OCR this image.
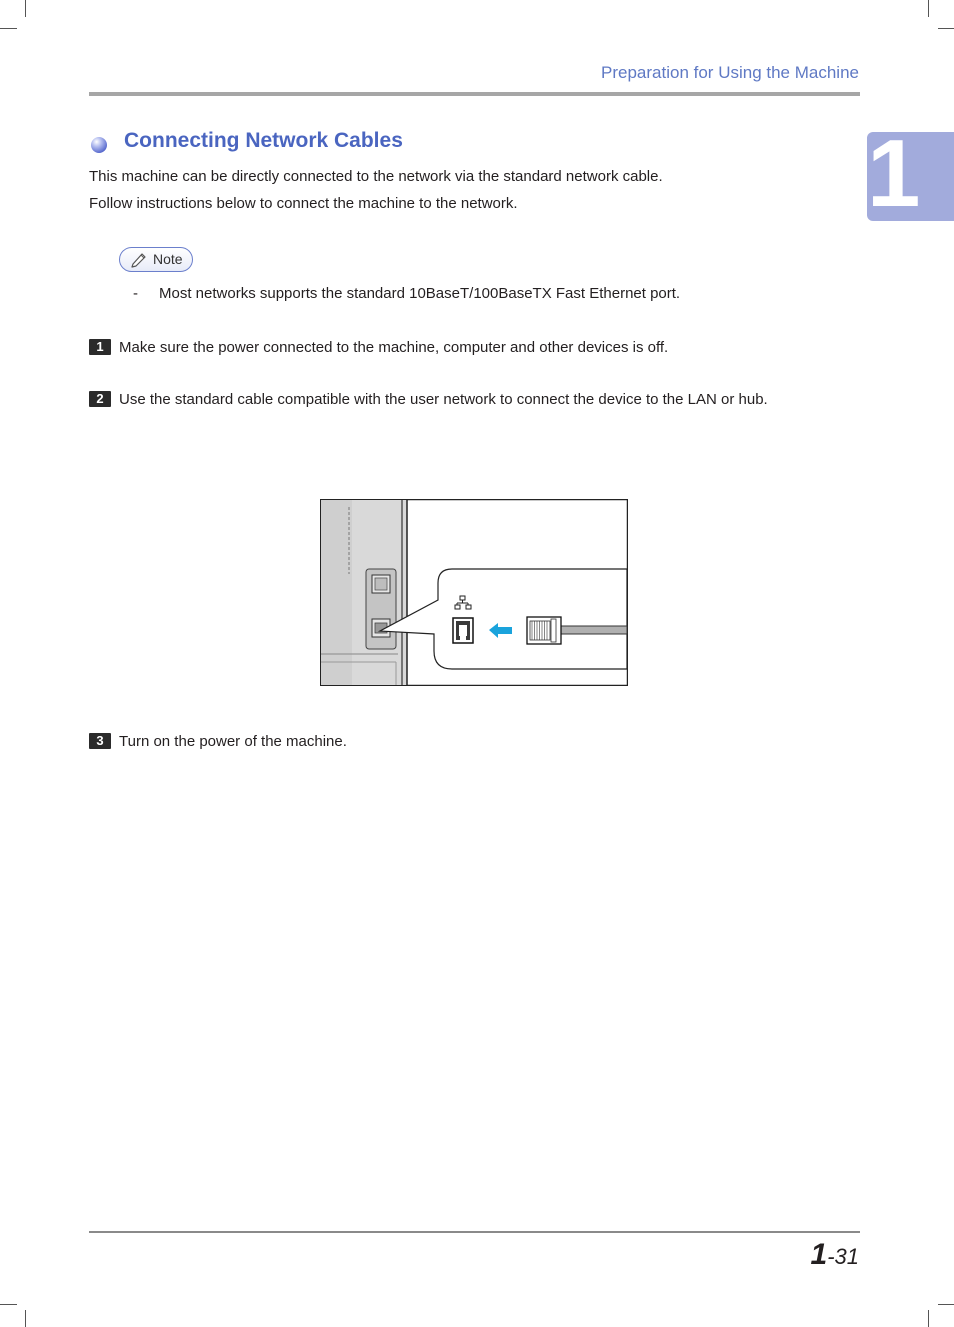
Preparation for Using the Machine
1
Connecting Network Cables
This machine can be directly connected to the network via the standard network cable.
Follow instructions below to connect the machine to the network.
Note
- Most networks supports the standard 10BaseT/100BaseTX Fast Ethernet port.
1	Make sure the power connected to the machine, computer and other devices is off.
2	Use the standard cable compatible with the user network to connect the device to the LAN or hub.
3	Turn on the power of the machine.
1-31
